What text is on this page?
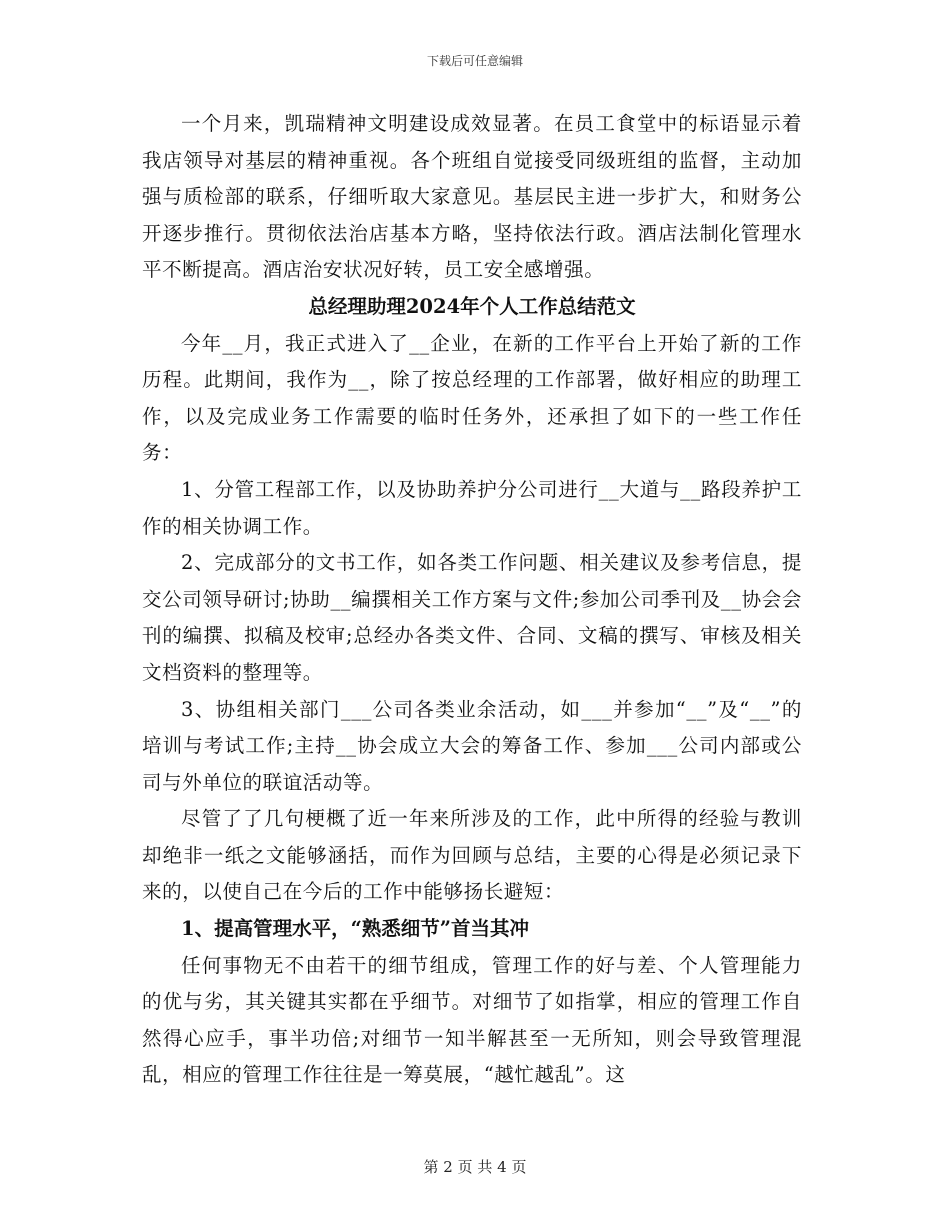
下载后可任意编辑

一个月来，凯瑞精神文明建设成效显著。在员工食堂中的标语显示着我店领导对基层的精神重视。各个班组自觉接受同级班组的监督，主动加强与质检部的联系，仔细听取大家意见。基层民主进一步扩大，和财务公开逐步推行。贯彻依法治店基本方略，坚持依法行政。酒店法制化管理水平不断提高。酒店治安状况好转，员工安全感增强。

总经理助理2024年个人工作总结范文

今年__月，我正式进入了__企业，在新的工作平台上开始了新的工作历程。此期间，我作为__，除了按总经理的工作部署，做好相应的助理工作，以及完成业务工作需要的临时任务外，还承担了如下的一些工作任务：

1、分管工程部工作，以及协助养护分公司进行__大道与__路段养护工作的相关协调工作。

2、完成部分的文书工作，如各类工作问题、相关建议及参考信息，提交公司领导研讨;协助__编撰相关工作方案与文件;参加公司季刊及__协会会刊的编撰、拟稿及校审;总经办各类文件、合同、文稿的撰写、审核及相关文档资料的整理等。

3、协组相关部门___公司各类业余活动，如___并参加“__”及“__”的培训与考试工作;主持__协会成立大会的筹备工作、参加___公司内部或公司与外单位的联谊活动等。

尽管了了几句梗概了近一年来所涉及的工作，此中所得的经验与教训却绝非一纸之文能够涵括，而作为回顾与总结，主要的心得是必须记录下来的，以使自己在今后的工作中能够扬长避短：

1、提高管理水平，“熟悉细节”首当其冲

任何事物无不由若干的细节组成，管理工作的好与差、个人管理能力的优与劣，其关键其实都在乎细节。对细节了如指掌，相应的管理工作自然得心应手，事半功倍;对细节一知半解甚至一无所知，则会导致管理混乱，相应的管理工作往往是一筹莫展，“越忙越乱”。这

第 2 页 共 4 页
